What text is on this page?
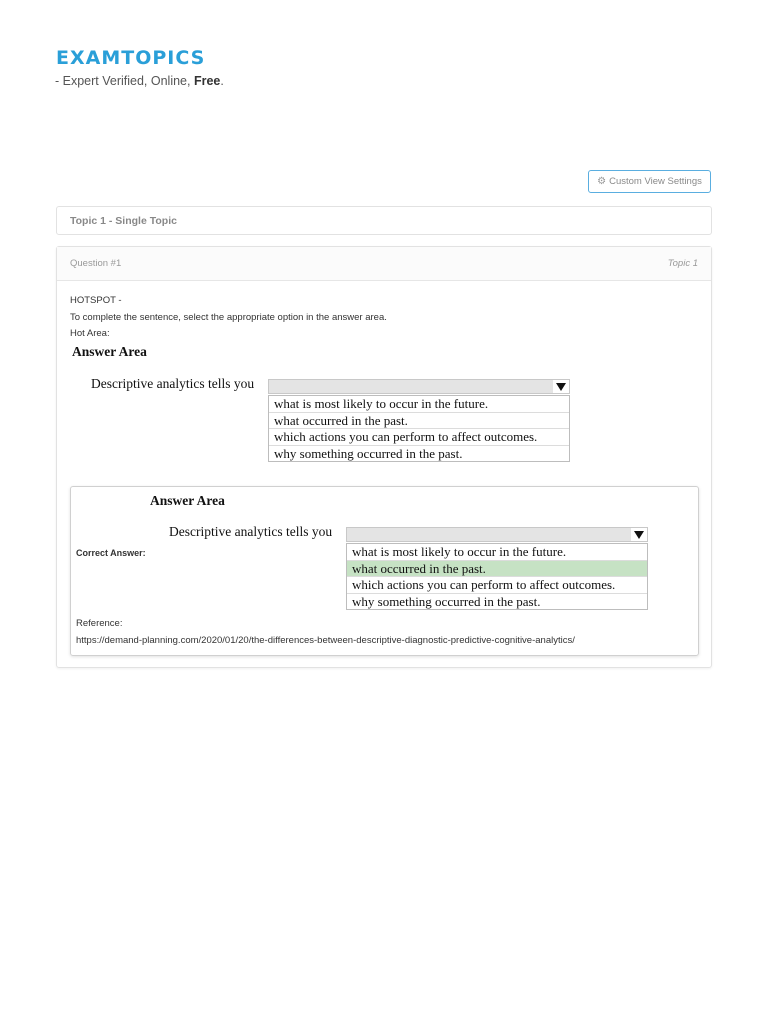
EXAMTOPICS
- Expert Verified, Online, Free.
⚙ Custom View Settings
Topic 1 - Single Topic
Question #1	Topic 1
HOTSPOT -
To complete the sentence, select the appropriate option in the answer area.
Hot Area:
Answer Area
Descriptive analytics tells you
what is most likely to occur in the future.
what occurred in the past.
which actions you can perform to affect outcomes.
why something occurred in the past.
Answer Area
Correct Answer:
Descriptive analytics tells you
what is most likely to occur in the future.
what occurred in the past.
which actions you can perform to affect outcomes.
why something occurred in the past.
Reference:
https://demand-planning.com/2020/01/20/the-differences-between-descriptive-diagnostic-predictive-cognitive-analytics/
